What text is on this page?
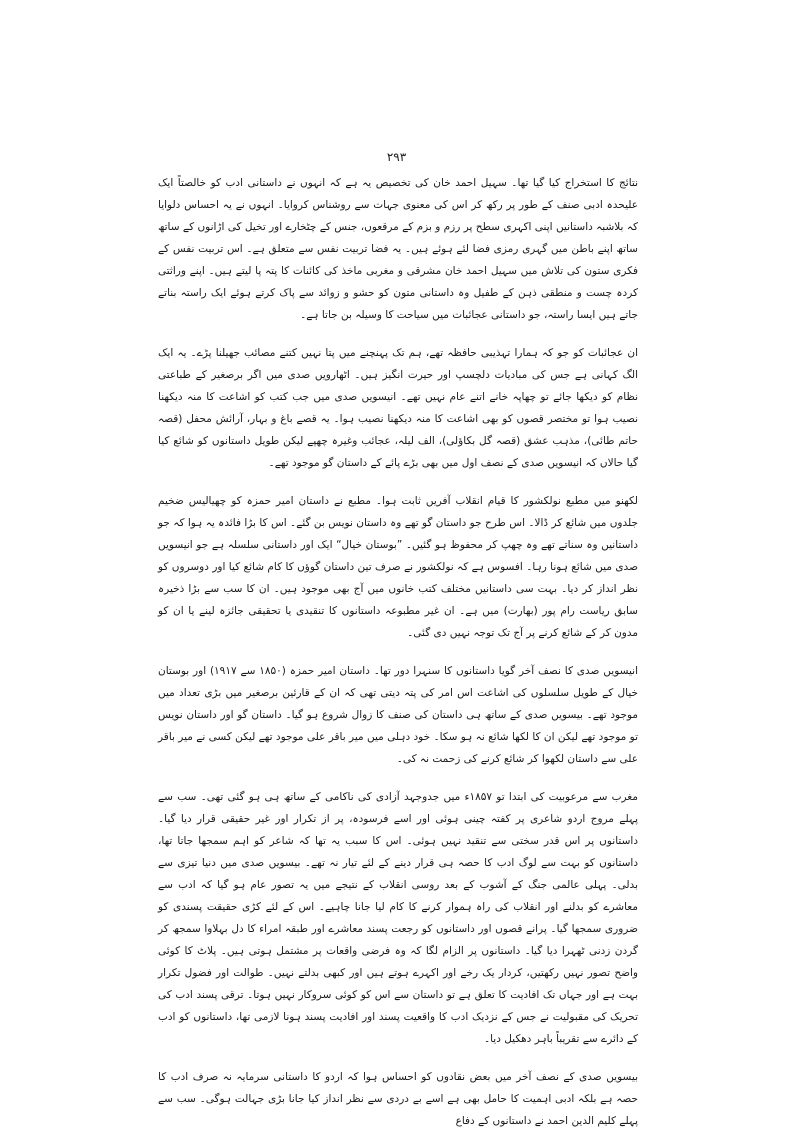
۲۹۳

نتائج کا استخراج کیا گیا تھا۔ سہیل احمد خان کی تخصیص یہ ہے کہ انہوں نے داستانی ادب کو خالصتاً ایک علیحدہ ادبی صنف کے طور پر رکھ کر اس کی معنوی جہات سے روشناس کروایا۔ انہوں نے یہ احساس دلوایا کہ بلاشبہ داستانیں اپنی اکہری سطح پر رزم و بزم کے مرقعوں، جنس کے چٹخارے اور تخیل کی اڑانوں کے ساتھ ساتھ اپنے باطن میں گہری رمزی فضا لئے ہوئے ہیں۔ یہ فضا تربیت نفس سے متعلق ہے۔ اس تربیت نفس کے فکری ستون کی تلاش میں سہیل احمد خان مشرقی و مغربی ماخذ کی کائنات کا پتہ پا لیتے ہیں۔ اپنے وراثتی کردہ چست و منطقی ذہن کے طفیل وہ داستانی متون کو حشو و زوائد سے پاک کرتے ہوئے ایک راستہ بناتے جاتے ہیں ایسا راستہ، جو داستانی عجائبات میں سیاحت کا وسیلہ بن جاتا ہے۔

ان عجائبات کو جو کہ ہمارا تہذیبی حافظہ تھے، ہم تک پہنچنے میں پتا نہیں کتنے مصائب جھیلنا پڑے۔ یہ ایک الگ کہانی ہے جس کی مبادیات دلچسپ اور حیرت انگیز ہیں۔ اٹھارویں صدی میں اگر برصغیر کے طباعتی نظام کو دیکھا جائے تو چھاپہ خانے اتنے عام نہیں تھے۔ انیسویں صدی میں جب کتب کو اشاعت کا منہ دیکھنا نصیب ہوا تو مختصر قصوں کو بھی اشاعت کا منہ دیکھنا نصیب ہوا۔ یہ قصے باغ و بہار، آرائش محفل (قصہ حاتم طائی)، مذہب عشق (قصہ گل بکاؤلی)، الف لیلہ، عجائب وغیرہ چھپے لیکن طویل داستانوں کو شائع کیا گیا حالاں کہ انیسویں صدی کے نصف اول میں بھی بڑے پائے کے داستان گو موجود تھے۔

لکھنو میں مطبع نولکشور کا قیام انقلاب آفریں ثابت ہوا۔ مطبع نے داستان امیر حمزہ کو چھیالیس ضخیم جلدوں میں شائع کر ڈالا۔ اس طرح جو داستان گو تھے وہ داستان نویس بن گئے۔ اس کا بڑا فائدہ یہ ہوا کہ جو داستانیں وہ سناتے تھے وہ چھپ کر محفوظ ہو گئیں۔ ”بوستان خیال“ ایک اور داستانی سلسلہ ہے جو انیسویں صدی میں شائع ہونا رہا۔ افسوس ہے کہ نولکشور نے صرف تین داستان گوؤں کا کام شائع کیا اور دوسروں کو نظر انداز کر دیا۔ بہت سی داستانیں مختلف کتب خانوں میں آج بھی موجود ہیں۔ ان کا سب سے بڑا ذخیرہ سابق ریاست رام پور (بھارت) میں ہے۔ ان غیر مطبوعہ داستانوں کا تنقیدی یا تحقیقی جائزہ لینے یا ان کو مدون کر کے شائع کرنے پر آج تک توجہ نہیں دی گئی۔

انیسویں صدی کا نصف آخر گویا داستانوں کا سنہرا دور تھا۔ داستان امیر حمزہ (۱۸۵۰ سے ۱۹۱۷) اور بوستان خیال کے طویل سلسلوں کی اشاعت اس امر کی پتہ دیتی تھی کہ ان کے قارئین برصغیر میں بڑی تعداد میں موجود تھے۔ بیسویں صدی کے ساتھ ہی داستان کی صنف کا زوال شروع ہو گیا۔ داستان گو اور داستان نویس تو موجود تھے لیکن ان کا لکھا شائع نہ ہو سکا۔ خود دہلی میں میر باقر علی موجود تھے لیکن کسی نے میر باقر علی سے داستان لکھوا کر شائع کرنے کی زحمت نہ کی۔

مغرب سے مرعوبیت کی ابتدا تو ۱۸۵۷ء میں جدوجہد آزادی کی ناکامی کے ساتھ ہی ہو گئی تھی۔ سب سے پہلے مروج اردو شاعری پر کفتہ چینی ہوئی اور اسے فرسودہ، پر از تکرار اور غیر حقیقی قرار دیا گیا۔ داستانوں پر اس قدر سختی سے تنقید نہیں ہوئی۔ اس کا سبب یہ تھا کہ شاعر کو اہم سمجھا جاتا تھا، داستانوں کو بہت سے لوگ ادب کا حصہ ہی قرار دینے کے لئے تیار نہ تھے۔ بیسویں صدی میں دنیا تیزی سے بدلی۔ پہلی عالمی جنگ کے آشوب کے بعد روسی انقلاب کے نتیجے میں یہ تصور عام ہو گیا کہ ادب سے معاشرے کو بدلنے اور انقلاب کی راہ ہموار کرنے کا کام لیا جانا چاہیے۔ اس کے لئے کڑی حقیقت پسندی کو ضروری سمجھا گیا۔ پرانے قصوں اور داستانوں کو رجعت پسند معاشرے اور طبقہ امراء کا دل بہلاوا سمجھ کر گردن زدنی ٹھہرا دیا گیا۔ داستانوں پر الزام لگا کہ وہ فرضی واقعات پر مشتمل ہوتی ہیں۔ پلاٹ کا کوئی واضح تصور نہیں رکھتیں، کردار یک رخے اور اکہرے ہوتے ہیں اور کبھی بدلتے نہیں۔ طوالت اور فضول تکرار بہت ہے اور جہاں تک افادیت کا تعلق ہے تو داستان سے اس کو کوئی سروکار نہیں ہوتا۔ ترقی پسند ادب کی تحریک کی مقبولیت نے جس کے نزدیک ادب کا واقعیت پسند اور افادیت پسند ہونا لازمی تھا، داستانوں کو ادب کے دائرے سے تقریباً باہر دھکیل دیا۔

بیسویں صدی کے نصف آخر میں بعض نقادوں کو احساس ہوا کہ اردو کا داستانی سرمایہ نہ صرف ادب کا حصہ ہے بلکہ ادبی اہمیت کا حامل بھی ہے اسے بے دردی سے نظر انداز کیا جانا بڑی جہالت ہوگی۔ سب سے پہلے کلیم الدین احمد نے داستانوں کے دفاع
